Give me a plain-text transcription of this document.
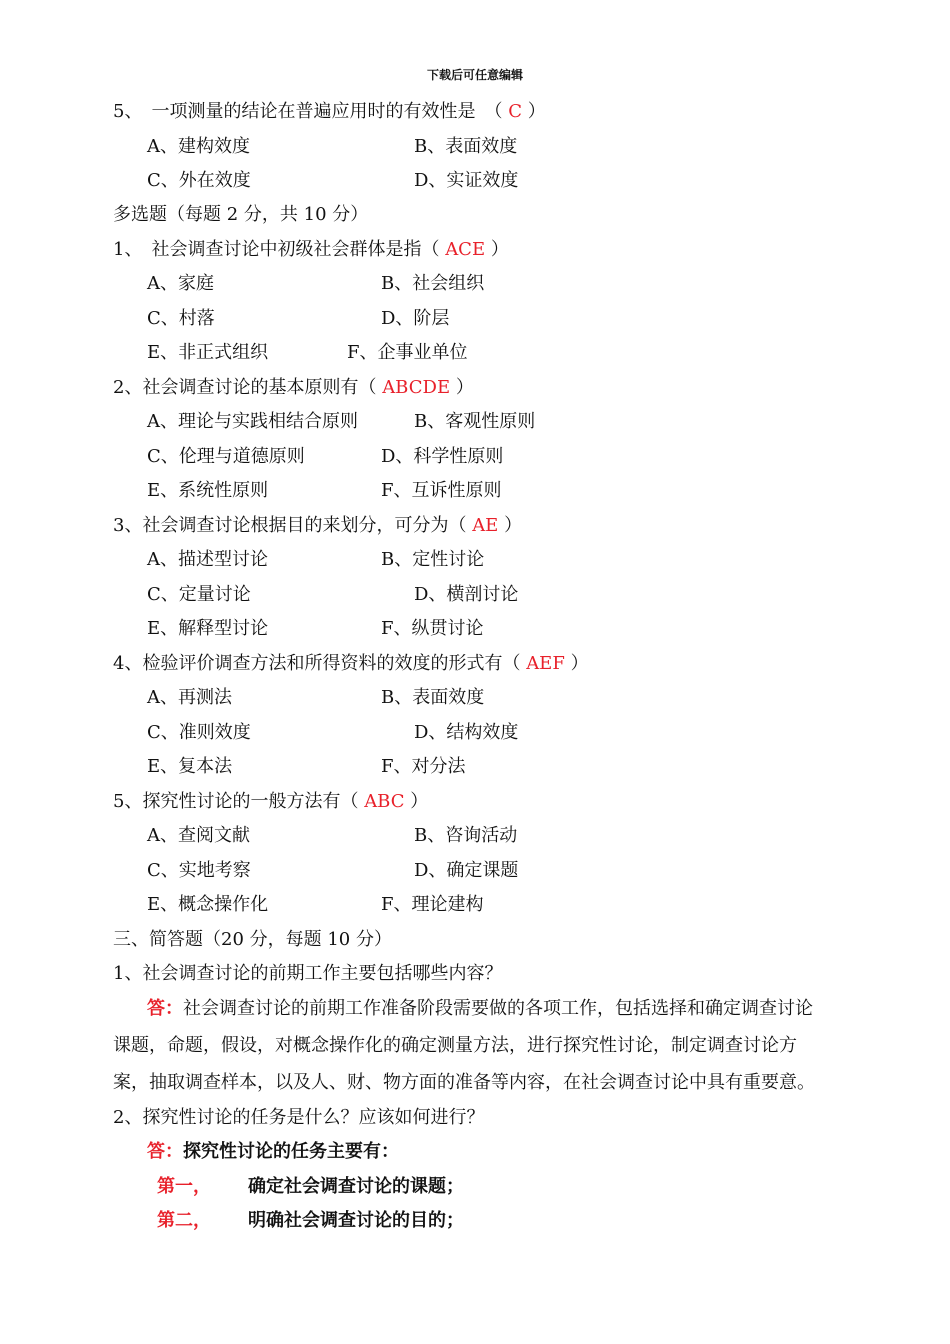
下载后可任意编辑
5、　一项测量的结论在普遍应用时的有效性是　（ C ）
A、建构效度	B、表面效度
C、外在效度	D、实证效度
多选题（每题 2 分，共 10 分）
1、　社会调查讨论中初级社会群体是指（ ACE ）
A、家庭	B、社会组织
C、村落	D、阶层
E、非正式组织	F、企事业单位
2、社会调查讨论的基本原则有（ ABCDE ）
A、理论与实践相结合原则	B、客观性原则
C、伦理与道德原则	D、科学性原则
E、系统性原则	F、互诉性原则
3、社会调查讨论根据目的来划分，可分为（ AE ）
A、描述型讨论	B、定性讨论
C、定量讨论	D、横剖讨论
E、解释型讨论	F、纵贯讨论
4、检验评价调查方法和所得资料的效度的形式有（ AEF ）
A、再测法	B、表面效度
C、准则效度	D、结构效度
E、复本法	F、对分法
5、探究性讨论的一般方法有（ ABC ）
A、查阅文献	B、咨询活动
C、实地考察	D、确定课题
E、概念操作化	F、理论建构
三、简答题（20 分，每题 10 分）
1、社会调查讨论的前期工作主要包括哪些内容？
答：社会调查讨论的前期工作准备阶段需要做的各项工作，包括选择和确定调查讨论
课题，命题，假设，对概念操作化的确定测量方法，进行探究性讨论，制定调查讨论方
案，抽取调查样本，以及人、财、物方面的准备等内容，在社会调查讨论中具有重要意。
2、探究性讨论的任务是什么？应该如何进行？
答：探究性讨论的任务主要有：
第一， 确定社会调查讨论的课题；
第二， 明确社会调查讨论的目的；
